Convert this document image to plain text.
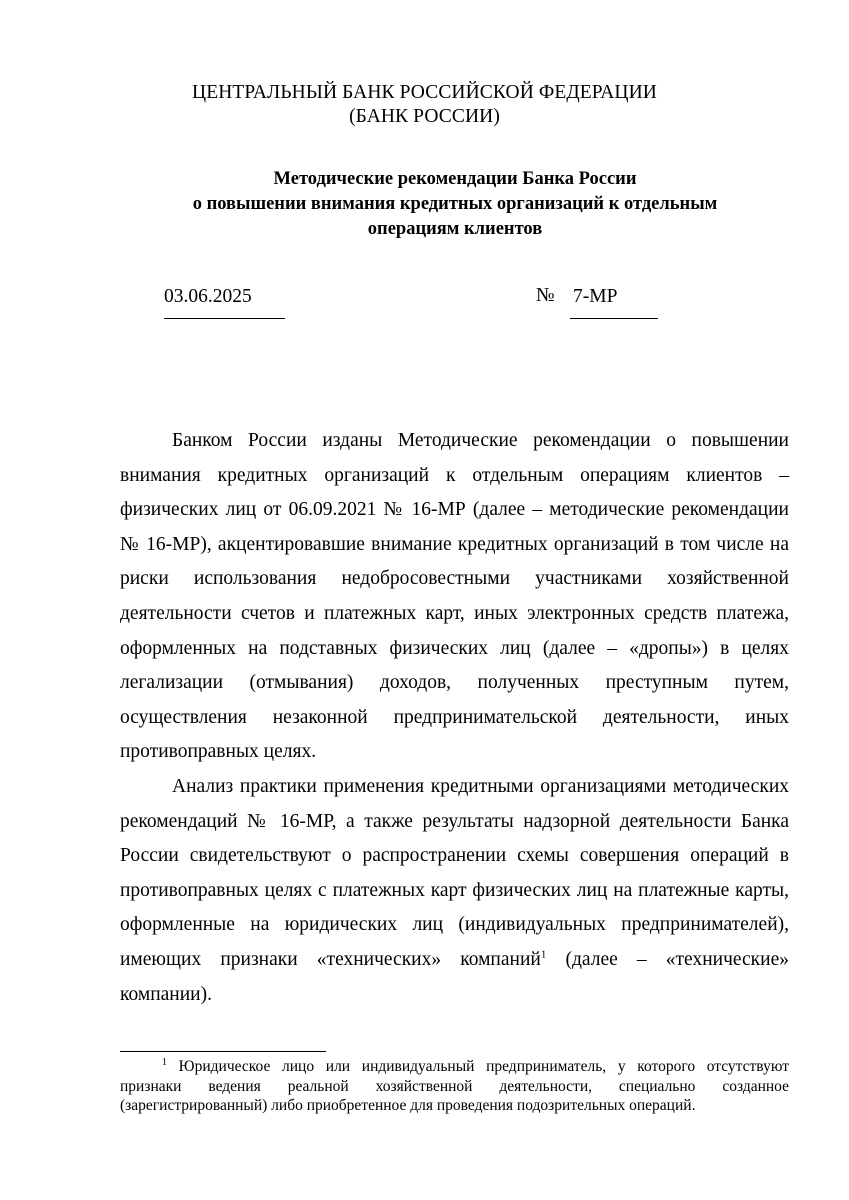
ЦЕНТРАЛЬНЫЙ БАНК РОССИЙСКОЙ ФЕДЕРАЦИИ
(БАНК РОССИИ)
Методические рекомендации Банка России
о повышении внимания кредитных организаций к отдельным
операциям клиентов
03.06.2025	№ 7-МР

Банком России изданы Методические рекомендации о повышении внимания кредитных организаций к отдельным операциям клиентов – физических лиц от 06.09.2021 № 16-МР (далее – методические рекомендации № 16-МР), акцентировавшие внимание кредитных организаций в том числе на риски использования недобросовестными участниками хозяйственной деятельности счетов и платежных карт, иных электронных средств платежа, оформленных на подставных физических лиц (далее – «дропы») в целях легализации (отмывания) доходов, полученных преступным путем, осуществления незаконной предпринимательской деятельности, иных противоправных целях.

Анализ практики применения кредитными организациями методических рекомендаций № 16-МР, а также результаты надзорной деятельности Банка России свидетельствуют о распространении схемы совершения операций в противоправных целях с платежных карт физических лиц на платежные карты, оформленные на юридических лиц (индивидуальных предпринимателей), имеющих признаки «технических» компаний$^1$ (далее – «технические» компании).

$^1$ Юридическое лицо или индивидуальный предприниматель, у которого отсутствуют признаки ведения реальной хозяйственной деятельности, специально созданное (зарегистрированный) либо приобретенное для проведения подозрительных операций.
